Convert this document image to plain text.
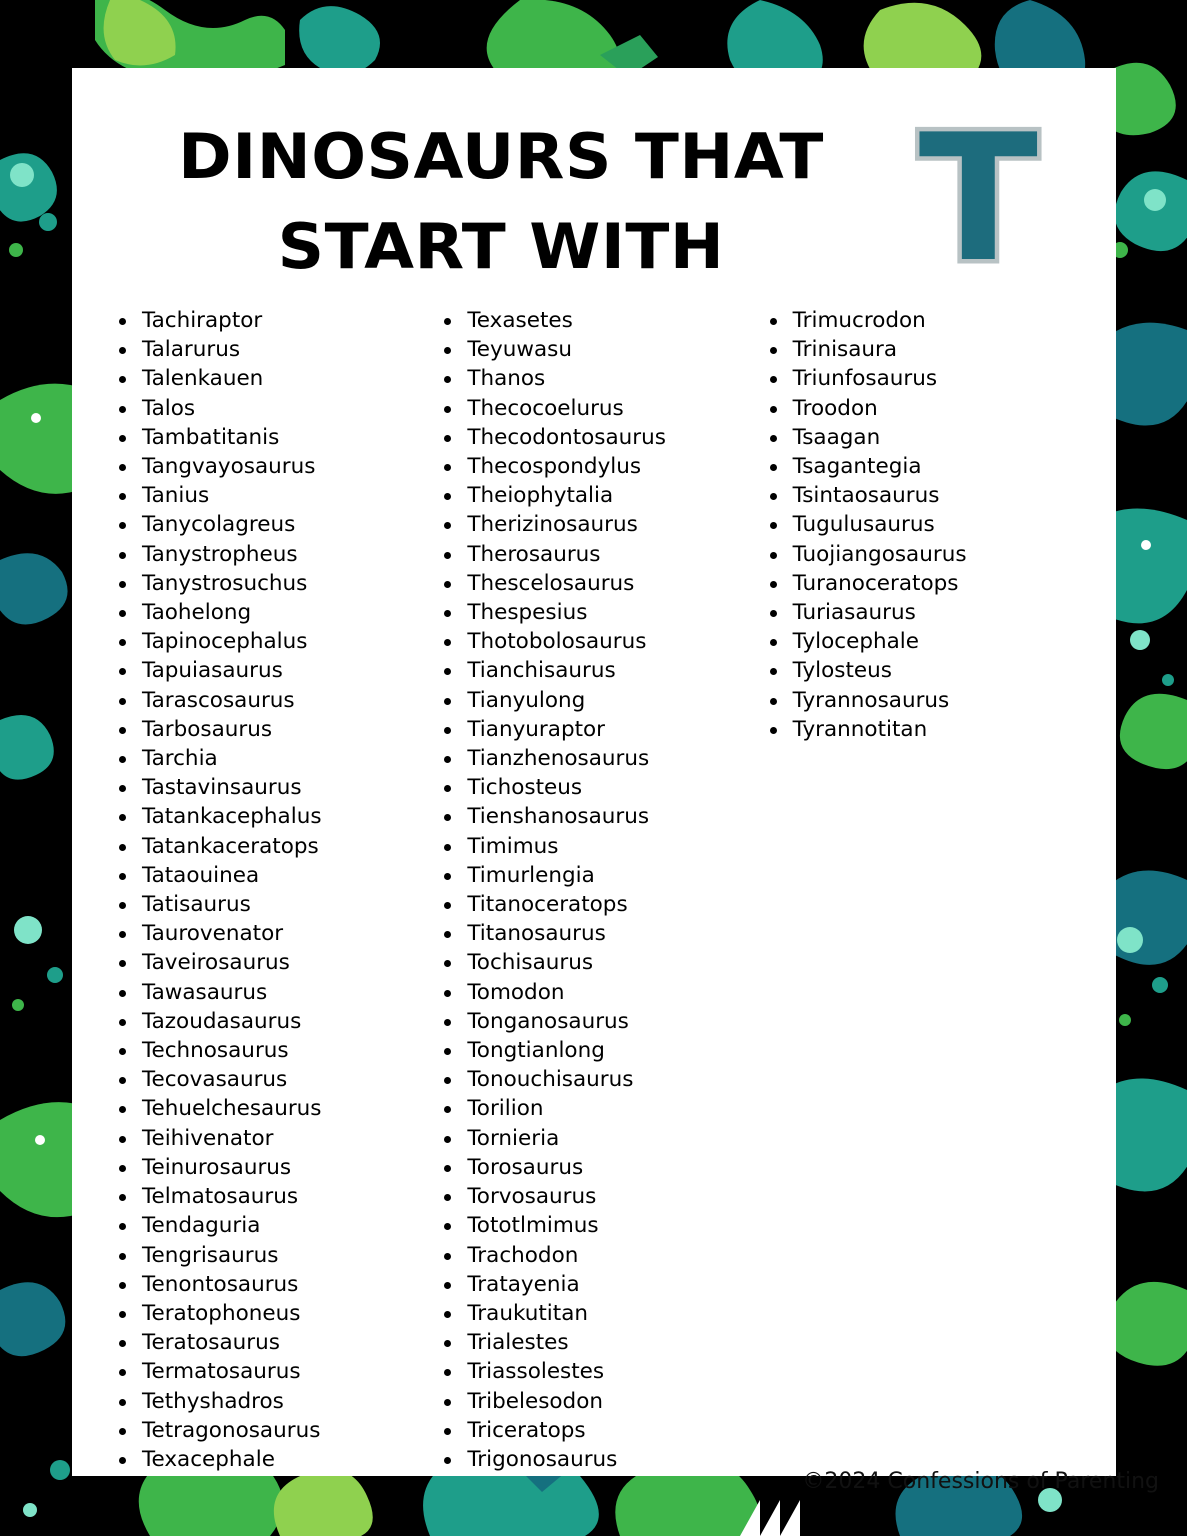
DINOSAURS THAT
START WITH	T
Tachiraptor
Talarurus
Talenkauen
Talos
Tambatitanis
Tangvayosaurus
Tanius
Tanycolagreus
Tanystropheus
Tanystrosuchus
Taohelong
Tapinocephalus
Tapuiasaurus
Tarascosaurus
Tarbosaurus
Tarchia
Tastavinsaurus
Tatankacephalus
Tatankaceratops
Tataouinea
Tatisaurus
Taurovenator
Taveirosaurus
Tawasaurus
Tazoudasaurus
Technosaurus
Tecovasaurus
Tehuelchesaurus
Teihivenator
Teinurosaurus
Telmatosaurus
Tendaguria
Tengrisaurus
Tenontosaurus
Teratophoneus
Teratosaurus
Termatosaurus
Tethyshadros
Tetragonosaurus
Texacephale
Texasetes
Teyuwasu
Thanos
Thecocoelurus
Thecodontosaurus
Thecospondylus
Theiophytalia
Therizinosaurus
Therosaurus
Thescelosaurus
Thespesius
Thotobolosaurus
Tianchisaurus
Tianyulong
Tianyuraptor
Tianzhenosaurus
Tichosteus
Tienshanosaurus
Timimus
Timurlengia
Titanoceratops
Titanosaurus
Tochisaurus
Tomodon
Tonganosaurus
Tongtianlong
Tonouchisaurus
Torilion
Tornieria
Torosaurus
Torvosaurus
Tototlmimus
Trachodon
Tratayenia
Traukutitan
Trialestes
Triassolestes
Tribelesodon
Triceratops
Trigonosaurus
Trimucrodon
Trinisaura
Triunfosaurus
Troodon
Tsaagan
Tsagantegia
Tsintaosaurus
Tugulusaurus
Tuojiangosaurus
Turanoceratops
Turiasaurus
Tylocephale
Tylosteus
Tyrannosaurus
Tyrannotitan
©2024 Confessions of Parenting
